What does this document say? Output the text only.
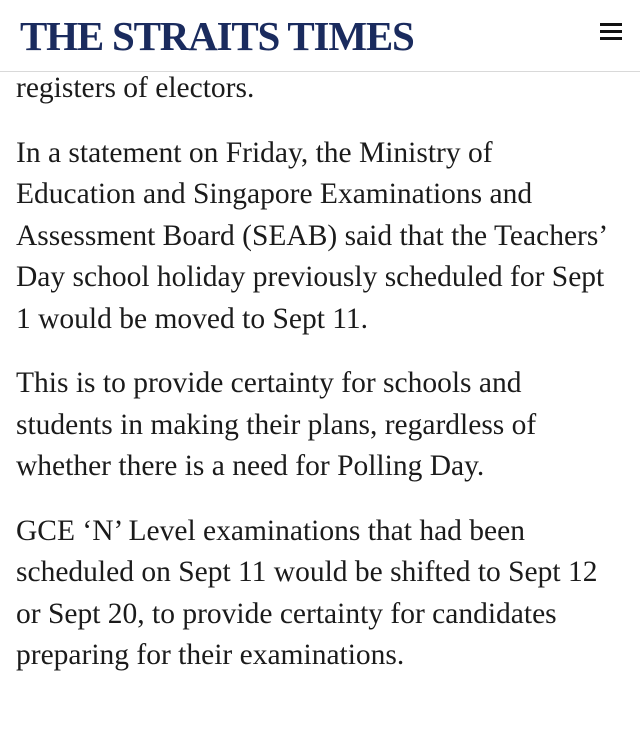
THE STRAITS TIMES

registers of electors.

In a statement on Friday, the Ministry of Education and Singapore Examinations and Assessment Board (SEAB) said that the Teachers’ Day school holiday previously scheduled for Sept 1 would be moved to Sept 11.

This is to provide certainty for schools and students in making their plans, regardless of whether there is a need for Polling Day.

GCE ‘N’ Level examinations that had been scheduled on Sept 11 would be shifted to Sept 12 or Sept 20, to provide certainty for candidates preparing for their examinations.
